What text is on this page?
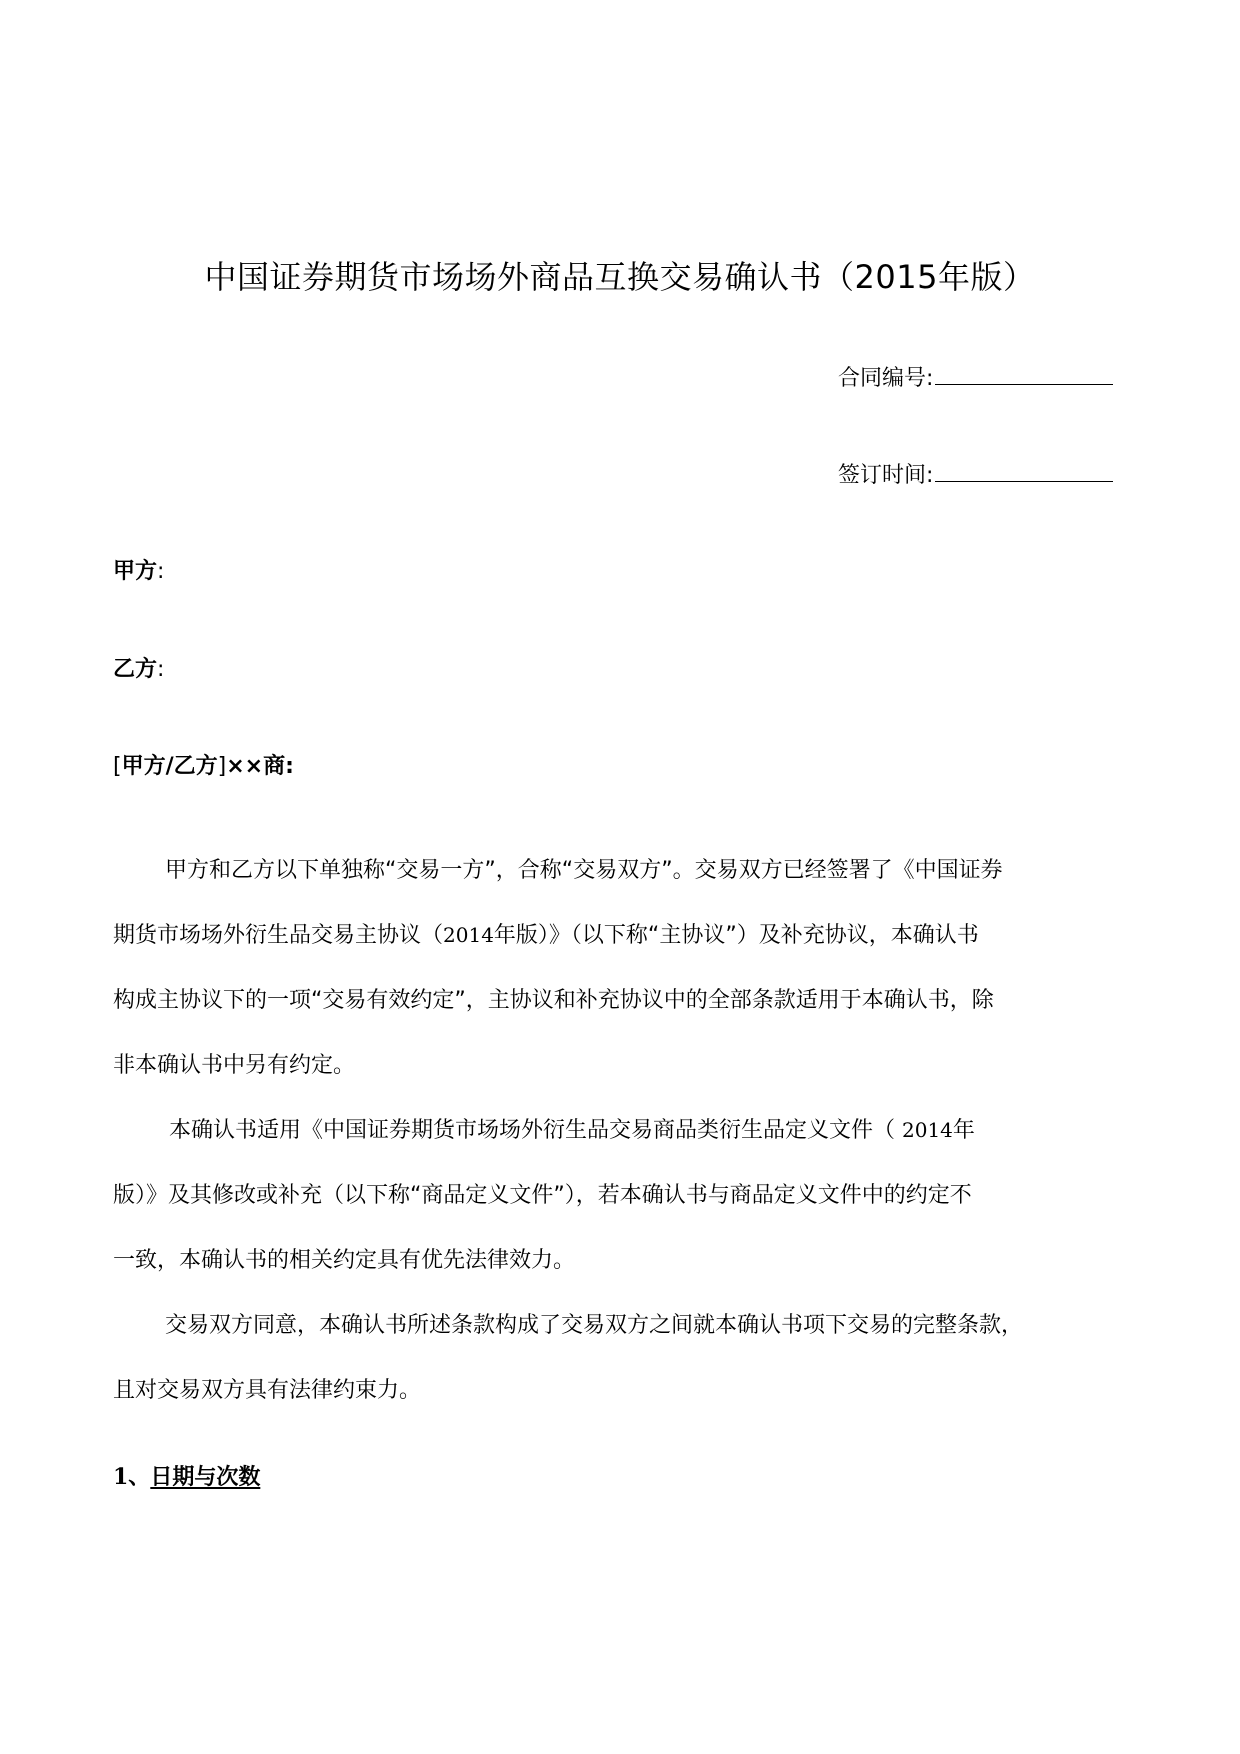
中国证券期货市场场外商品互换交易确认书（2015年版）
合同编号:
签订时间:
甲方:
乙方:
[甲方/乙方]××商:
甲方和乙方以下单独称“交易一方”，合称“交易双方”。交易双方已经签署了《中国证券
期货市场场外衍生品交易主协议（2014年版）》（以下称“主协议”）及补充协议，本确认书
构成主协议下的一项“交易有效约定”，主协议和补充协议中的全部条款适用于本确认书，除
非本确认书中另有约定。
本确认书适用《中国证券期货市场场外衍生品交易商品类衍生品定义文件（ 2014年
版）》及其修改或补充（以下称“商品定义文件”），若本确认书与商品定义文件中的约定不
一致，本确认书的相关约定具有优先法律效力。
交易双方同意，本确认书所述条款构成了交易双方之间就本确认书项下交易的完整条款，
且对交易双方具有法律约束力。
1、日期与次数
